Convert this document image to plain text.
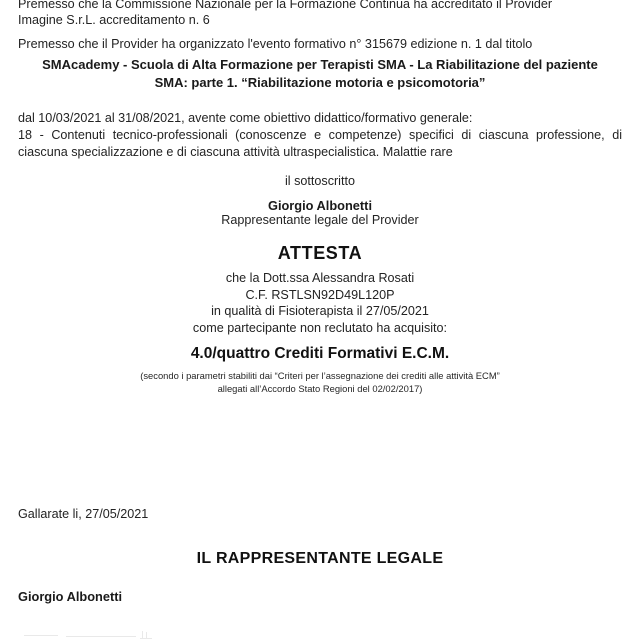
Premesso che la Commissione Nazionale per la Formazione Continua ha accreditato il Provider
Imagine S.r.L. accreditamento n. 6
Premesso che il Provider ha organizzato l'evento formativo n° 315679 edizione n. 1 dal titolo
SMAcademy - Scuola di Alta Formazione per Terapisti SMA - La Riabilitazione del paziente
SMA: parte 1. “Riabilitazione motoria e psicomotoria”
dal 10/03/2021 al 31/08/2021, avente come obiettivo didattico/formativo generale:
18 - Contenuti tecnico-professionali (conoscenze e competenze) specifici di ciascuna professione, di ciascuna specializzazione e di ciascuna attività ultraspecialistica. Malattie rare
il sottoscritto
Giorgio Albonetti
Rappresentante legale del Provider
ATTESTA
che la Dott.ssa Alessandra Rosati
C.F. RSTLSN92D49L120P
in qualità di Fisioterapista il 27/05/2021
come partecipante non reclutato ha acquisito:
4.0/quattro Crediti Formativi E.C.M.
(secondo i parametri stabiliti dai “Criteri per l’assegnazione dei crediti alle attività ECM”
allegati all’Accordo Stato Regioni del 02/02/2017)
Gallarate li, 27/05/2021
IL RAPPRESENTANTE LEGALE
Giorgio Albonetti
